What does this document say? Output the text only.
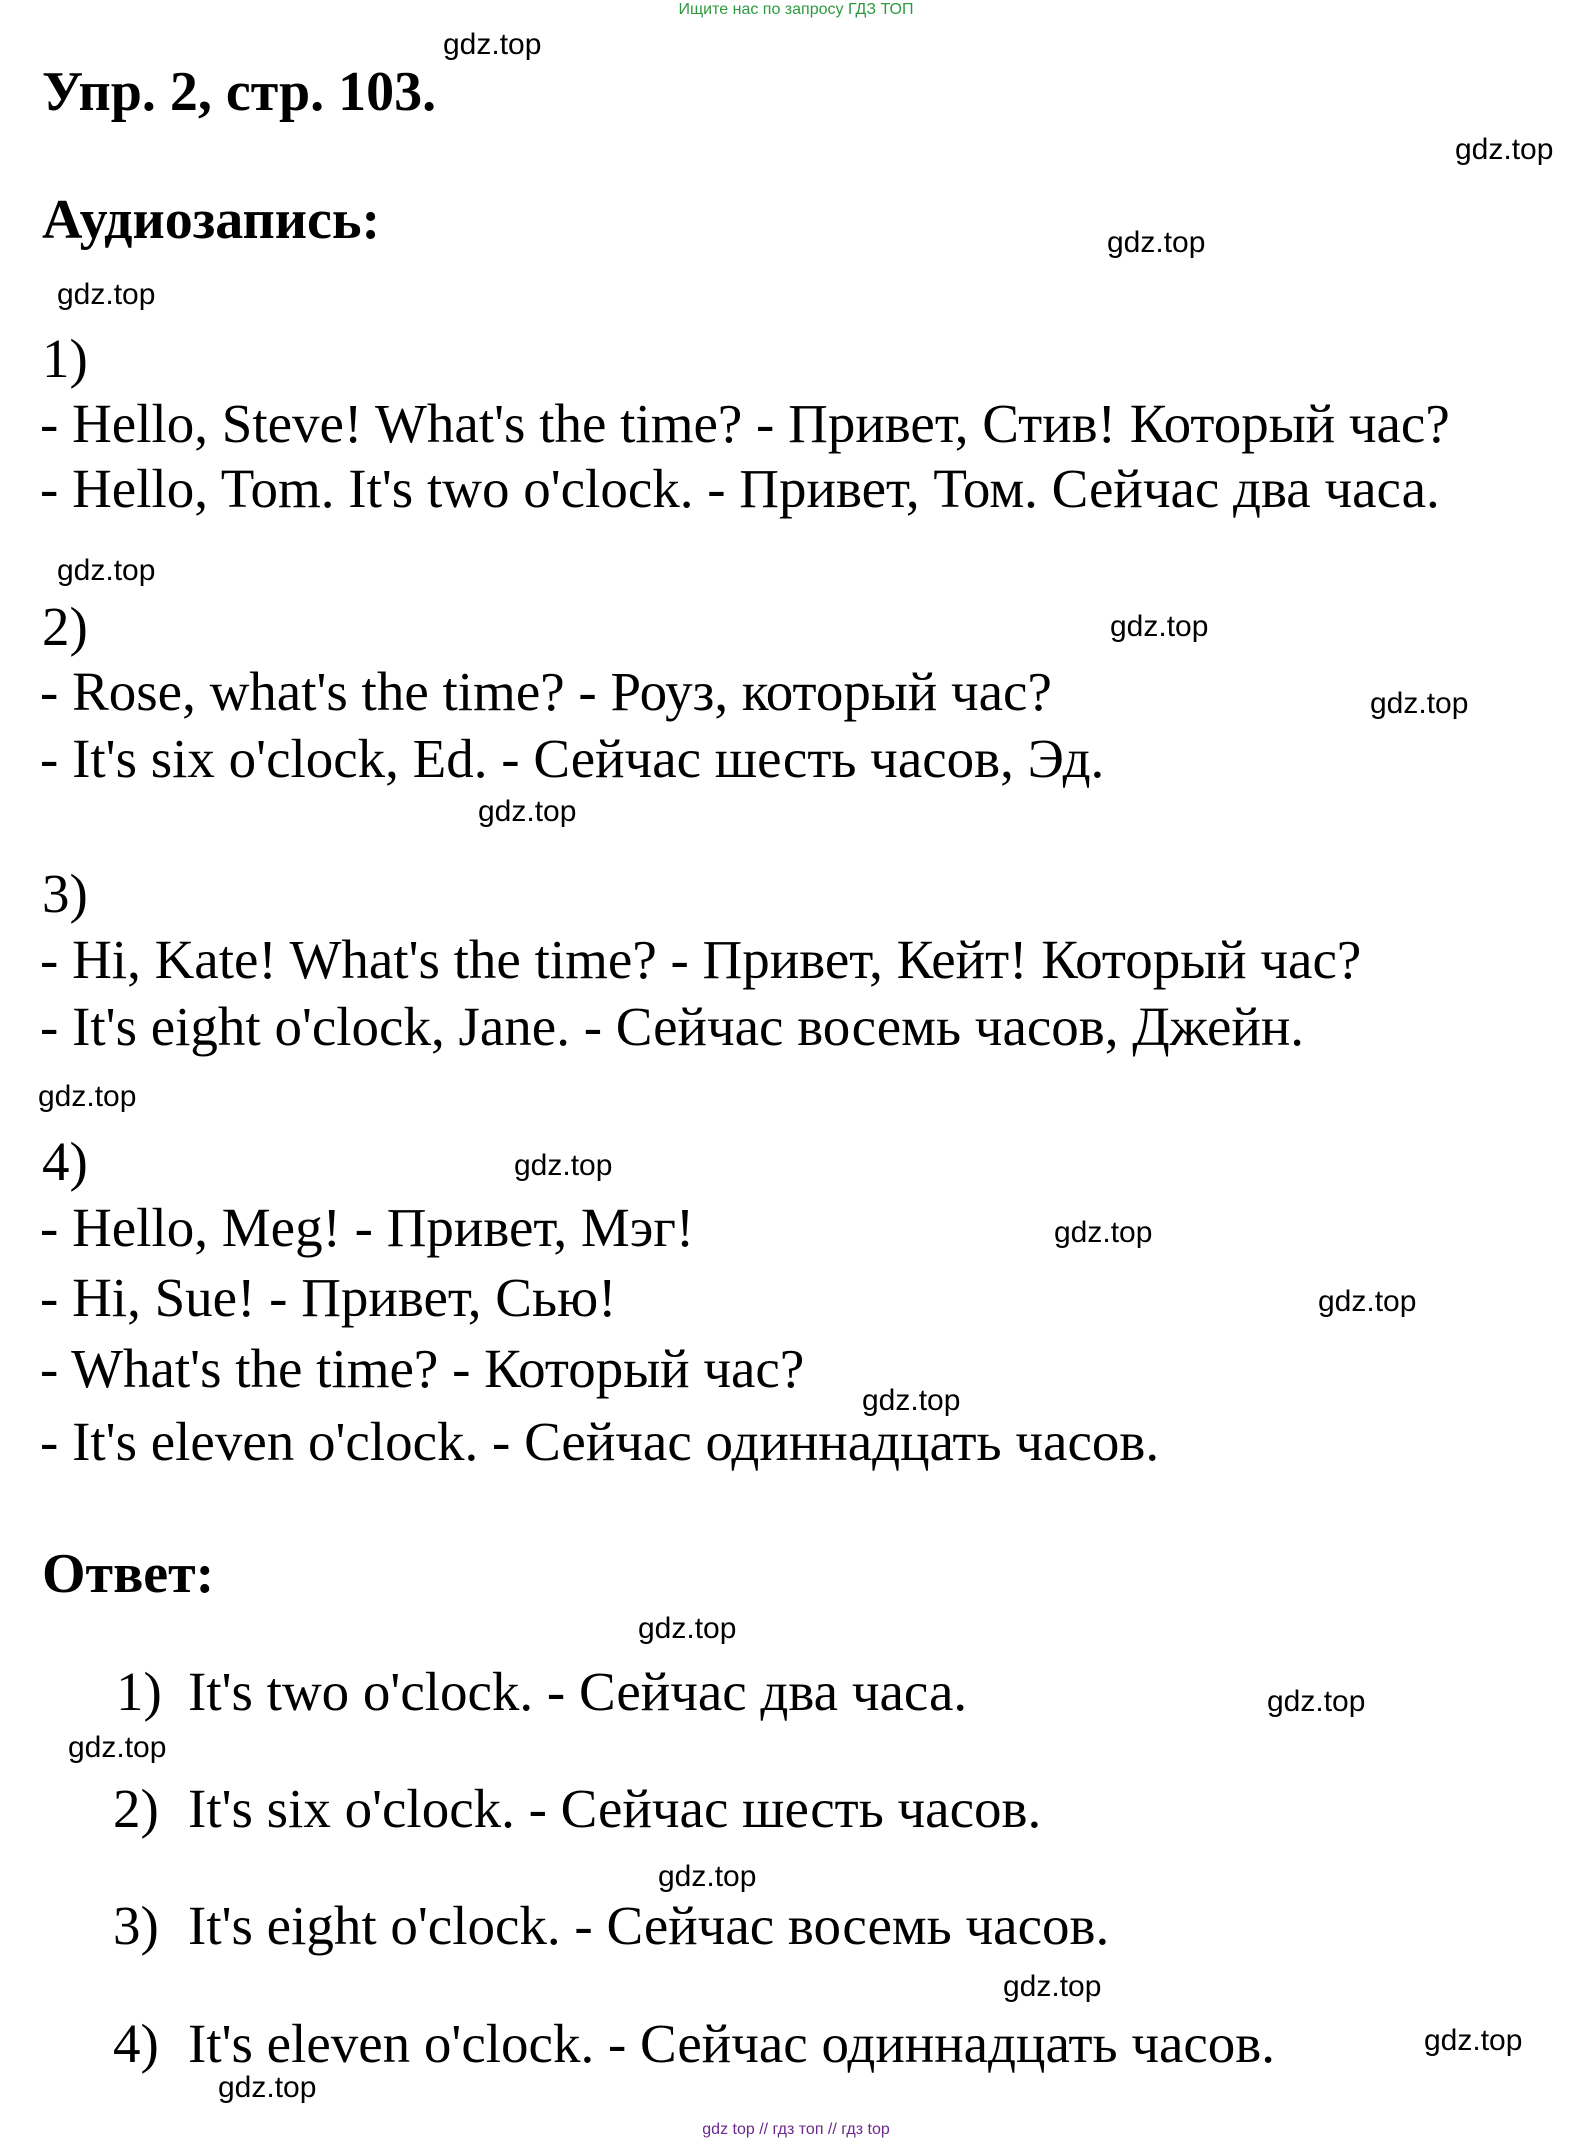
Ищите нас по запросу ГДЗ ТОП
Упр. 2, стр. 103.
Аудиозапись:
1)
- Hello, Steve! What's the time? - Привет, Стив! Который час?
- Hello, Tom. It's two o'clock. - Привет, Том. Сейчас два часа.
2)
- Rose, what's the time? - Роуз, который час?
- It's six o'clock, Ed. - Сейчас шесть часов, Эд.
3)
- Hi, Kate! What's the time? - Привет, Кейт! Который час?
- It's eight o'clock, Jane. - Сейчас восемь часов, Джейн.
4)
- Hello, Meg! - Привет, Мэг!
- Hi, Sue! - Привет, Сью!
- What's the time? - Который час?
- It's eleven o'clock. - Сейчас одиннадцать часов.
Ответ:
1) It's two o'clock. - Сейчас два часа.
2) It's six o'clock. - Сейчас шесть часов.
3) It's eight o'clock. - Сейчас восемь часов.
4) It's eleven o'clock. - Сейчас одиннадцать часов.
gdz.top
gdz.top
gdz.top
gdz.top
gdz.top
gdz.top
gdz.top
gdz.top
gdz.top
gdz.top
gdz.top
gdz.top
gdz.top
gdz.top
gdz.top
gdz.top
gdz.top
gdz.top
gdz.top
gdz.top
gdz top // гдз топ // гдз top
